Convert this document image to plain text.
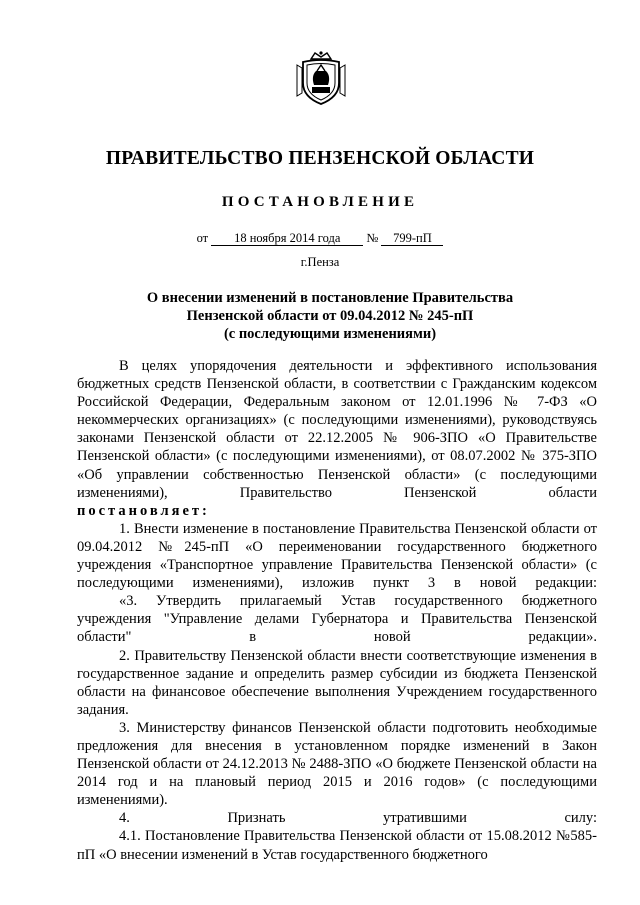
ПРАВИТЕЛЬСТВО ПЕНЗЕНСКОЙ ОБЛАСТИ
ПОСТАНОВЛЕНИЕ
от 18 ноября 2014 года № 799-пП
г.Пенза
О внесении изменений в постановление Правительства
Пензенской области от 09.04.2012 № 245-пП
(с последующими изменениями)

В целях упорядочения деятельности и эффективного использования бюджетных средств Пензенской области, в соответствии с Гражданским кодексом Российской Федерации, Федеральным законом от 12.01.1996 № 7-ФЗ «О некоммерческих организациях» (с последующими изменениями), руководствуясь законами Пензенской области от 22.12.2005 № 906-ЗПО «О Правительстве Пензенской области» (с последующими изменениями), от 08.07.2002 № 375-ЗПО «Об управлении собственностью Пензенской области» (с последующими изменениями), Правительство Пензенской области

постановляет:

1. Внести изменение в постановление Правительства Пензенской области от 09.04.2012 №245-пП «О переименовании государственного бюджетного учреждения «Транспортное управление Правительства Пензенской области» (с последующими изменениями), изложив пункт 3 в новой редакции:

«3. Утвердить прилагаемый Устав государственного бюджетного учреждения "Управление делами Губернатора и Правительства Пензенской области" в новой редакции».

2. Правительству Пензенской области внести соответствующие изменения в государственное задание и определить размер субсидии из бюджета Пензенской области на финансовое обеспечение выполнения Учреждением государственного задания.

3. Министерству финансов Пензенской области подготовить необходимые предложения для внесения в установленном порядке изменений в Закон Пензенской области от 24.12.2013 № 2488-ЗПО «О бюджете Пензенской области на 2014 год и на плановый период 2015 и 2016 годов» (с последующими изменениями).

4. Признать утратившими силу:

4.1. Постановление Правительства Пензенской области от 15.08.2012 №585-пП «О внесении изменений в Устав государственного бюджетного
